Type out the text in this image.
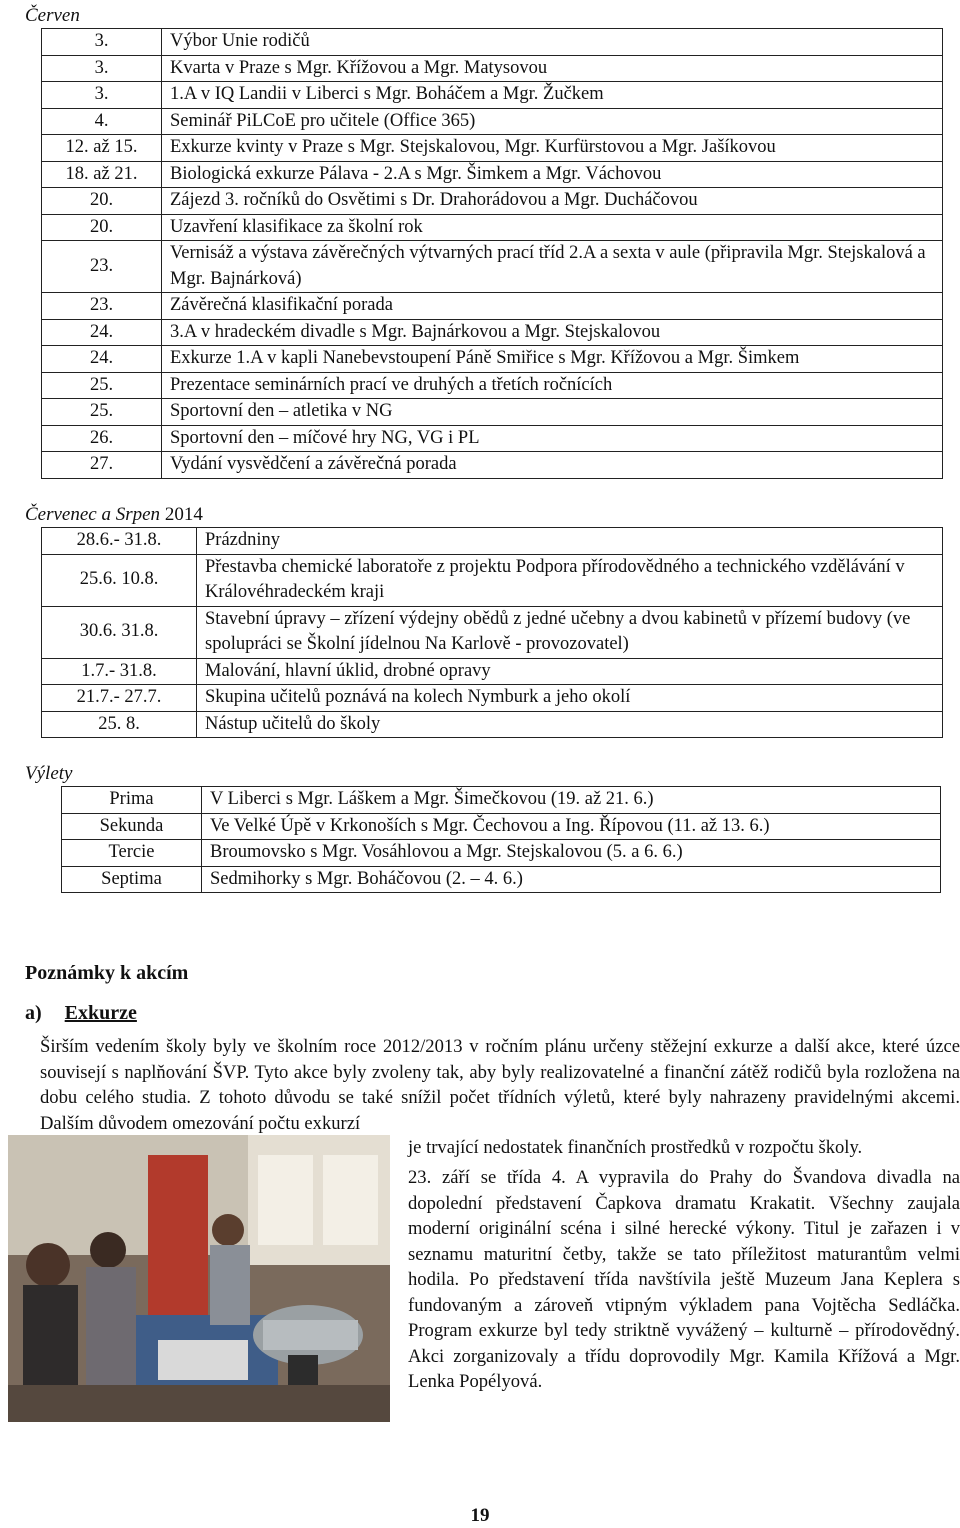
Červen
3.	Výbor Unie rodičů
3.	Kvarta v Praze s Mgr. Křížovou a Mgr. Matysovou
3.	1.A v IQ Landii v Liberci s Mgr. Boháčem a Mgr. Žučkem
4.	Seminář PiLCoE pro učitele (Office 365)
12. až 15.	Exkurze kvinty v Praze s Mgr. Stejskalovou, Mgr. Kurfürstovou a Mgr. Jašíkovou
18. až 21.	Biologická exkurze Pálava - 2.A s Mgr. Šimkem a Mgr. Váchovou
20.	Zájezd 3. ročníků do Osvětimi s Dr. Drahorádovou a Mgr. Ducháčovou
20.	Uzavření klasifikace za školní rok
23.	Vernisáž a výstava závěrečných výtvarných prací tříd 2.A a sexta v aule (připravila Mgr. Stejskalová a Mgr. Bajnárková)
23.	Závěrečná klasifikační porada
24.	3.A v hradeckém divadle s Mgr. Bajnárkovou a Mgr. Stejskalovou
24.	Exkurze 1.A v kapli Nanebevstoupení Páně Smiřice s Mgr. Křížovou a Mgr. Šimkem
25.	Prezentace seminárních prací ve druhých a třetích ročnících
25.	Sportovní den – atletika v NG
26.	Sportovní den – míčové hry NG, VG i PL
27.	Vydání vysvědčení a závěrečná porada
Červenec a Srpen 2014
28.6.- 31.8.	Prázdniny
25.6. 10.8.	Přestavba chemické laboratoře z projektu Podpora přírodovědného a technického vzdělávání v Královéhradeckém kraji
30.6. 31.8.	Stavební úpravy – zřízení výdejny obědů z jedné učebny a dvou kabinetů v přízemí budovy (ve spolupráci se Školní jídelnou Na Karlově - provozovatel)
1.7.- 31.8.	Malování, hlavní úklid, drobné opravy
21.7.- 27.7.	Skupina učitelů poznává na kolech Nymburk a jeho okolí
25. 8.	Nástup učitelů do školy
Výlety
Prima	V Liberci s Mgr. Láškem a Mgr. Šimečkovou (19. až 21. 6.)
Sekunda	Ve Velké Úpě v Krkonoších s Mgr. Čechovou a Ing. Řípovou (11. až 13. 6.)
Tercie	Broumovsko s Mgr. Vosáhlovou a Mgr. Stejskalovou (5. a 6. 6.)
Septima	Sedmihorky s Mgr. Boháčovou (2. – 4. 6.)
Poznámky k akcím
a) Exkurze
Širším vedením školy byly ve školním roce 2012/2013 v ročním plánu určeny stěžejní exkurze a další akce, které úzce souvisejí s naplňování ŠVP. Tyto akce byly zvoleny tak, aby byly realizovatelné a finanční zátěž rodičů byla rozložena na dobu celého studia. Z tohoto důvodu se také snížil počet třídních výletů, které byly nahrazeny pravidelnými akcemi. Dalším důvodem omezování počtu exkurzí
je trvající nedostatek finančních prostředků v rozpočtu školy.
23. září se třída 4. A vypravila do Prahy do Švandova divadla na dopolední představení Čapkova dramatu Krakatit. Všechny zaujala moderní originální scéna i silné herecké výkony. Titul je zařazen i v seznamu maturitní četby, takže se tato příležitost maturantům velmi hodila. Po představení třída navštívila ještě Muzeum Jana Keplera s fundovaným a zároveň vtipným výkladem pana Vojtěcha Sedláčka. Program exkurze byl tedy striktně vyvážený – kulturně – přírodovědný. Akci zorganizovaly a třídu doprovodily Mgr. Kamila Křížová a Mgr. Lenka Popélyová.
19
